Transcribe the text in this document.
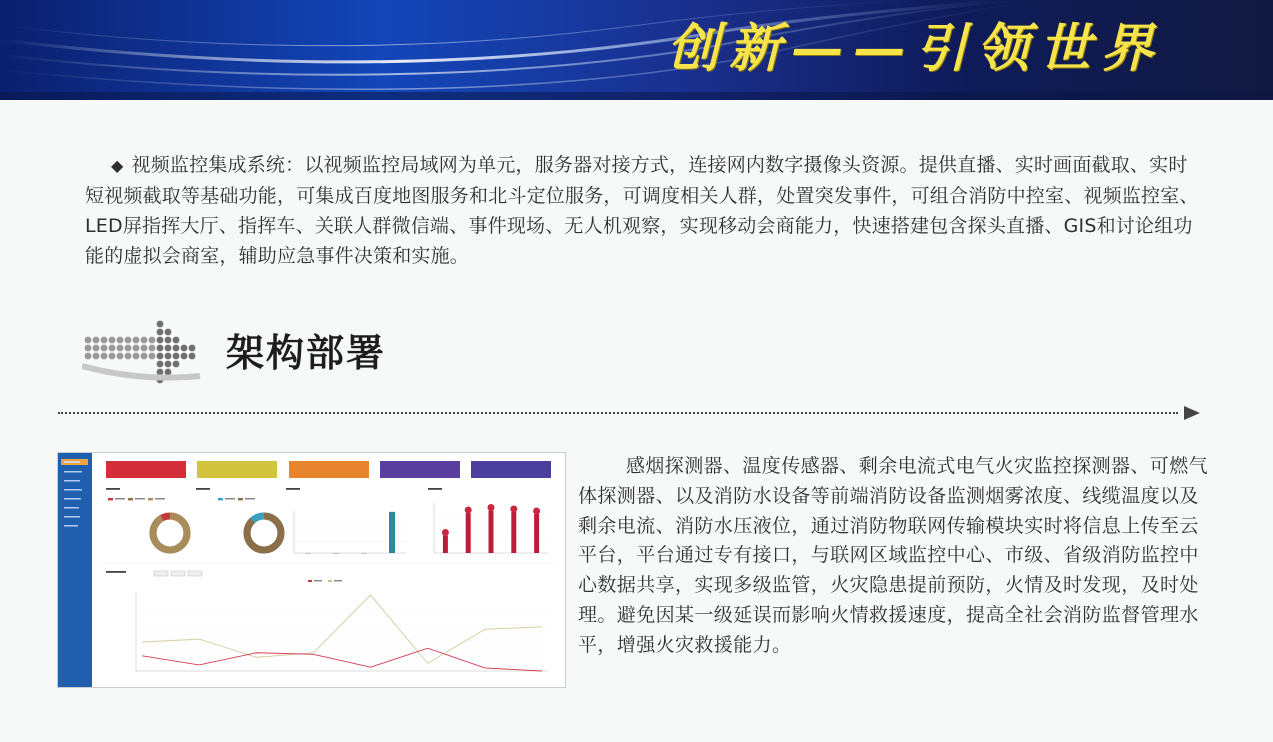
创新——引领世界
◆ 视频监控集成系统：以视频监控局域网为单元，服务器对接方式，连接网内数字摄像头资源。提供直播、实时画面截取、实时短视频截取等基础功能，可集成百度地图服务和北斗定位服务，可调度相关人群，处置突发事件，可组合消防中控室、视频监控室、LED屏指挥大厅、指挥车、关联人群微信端、事件现场、无人机观察，实现移动会商能力，快速搭建包含探头直播、GIS和讨论组功能的虚拟会商室，辅助应急事件决策和实施。
架构部署
感烟探测器、温度传感器、剩余电流式电气火灾监控探测器、可燃气体探测器、以及消防水设备等前端消防设备监测烟雾浓度、线缆温度以及剩余电流、消防水压液位，通过消防物联网传输模块实时将信息上传至云平台，平台通过专有接口，与联网区域监控中心、市级、省级消防监控中心数据共享，实现多级监管，火灾隐患提前预防，火情及时发现，及时处理。避免因某一级延误而影响火情救援速度，提高全社会消防监督管理水平，增强火灾救援能力。
